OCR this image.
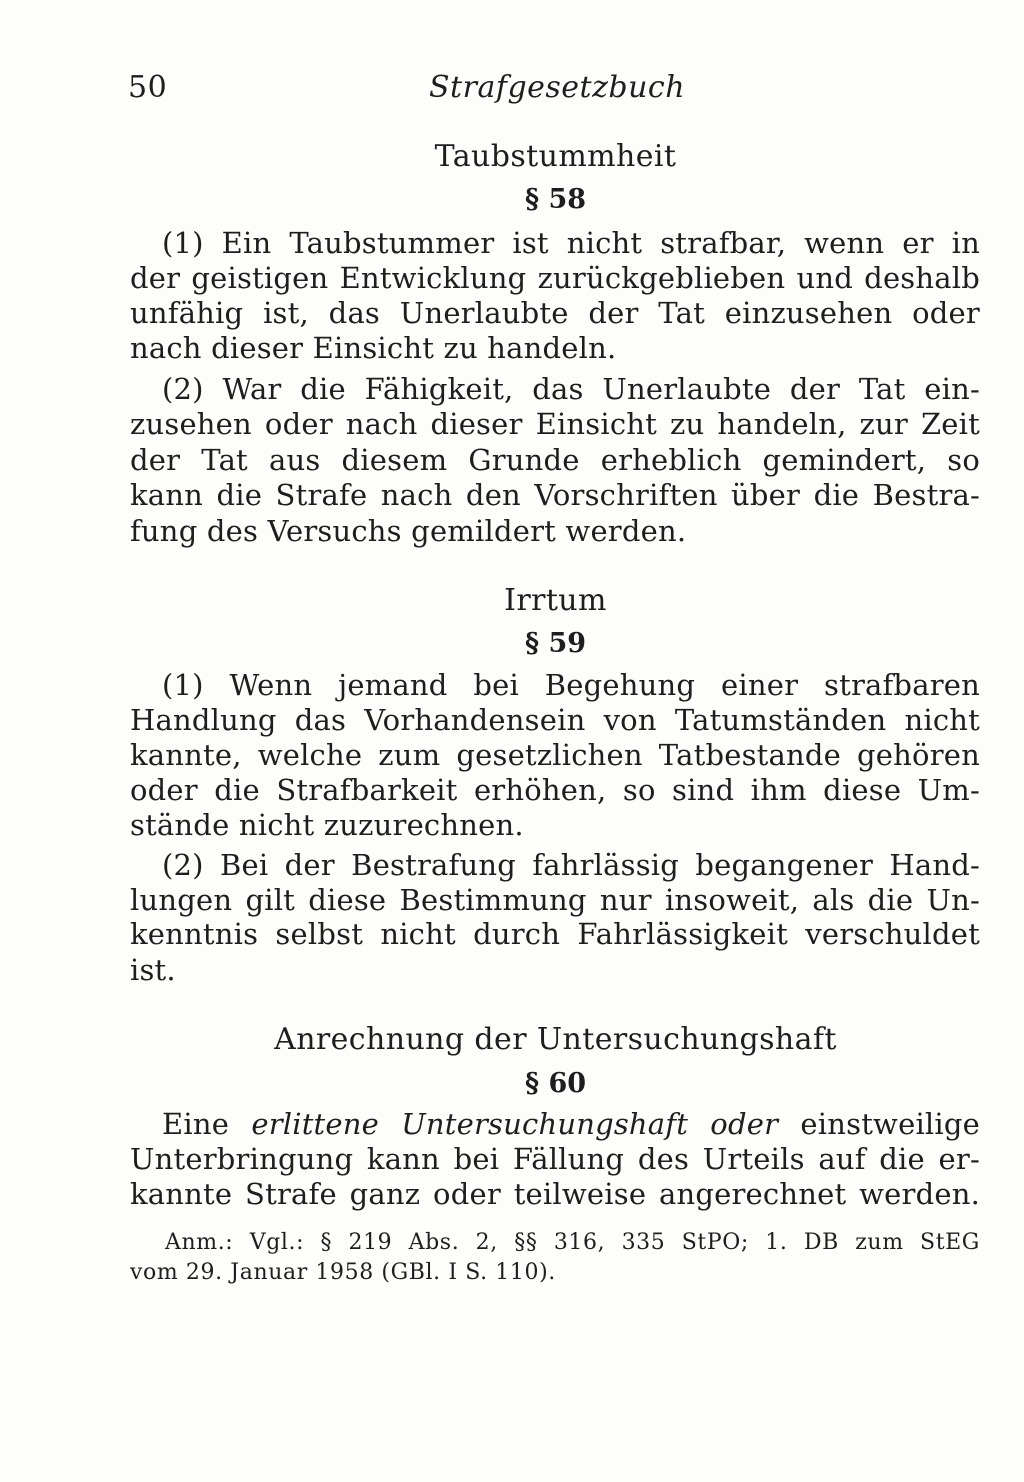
50	Strafgesetzbuch
Taubstummheit
§ 58
(1) Ein Taubstummer ist nicht strafbar, wenn er in
der geistigen Entwicklung zurückgeblieben und deshalb
unfähig ist, das Unerlaubte der Tat einzusehen oder
nach dieser Einsicht zu handeln.
(2) War die Fähigkeit, das Unerlaubte der Tat ein-
zusehen oder nach dieser Einsicht zu handeln, zur Zeit
der Tat aus diesem Grunde erheblich gemindert, so
kann die Strafe nach den Vorschriften über die Bestra-
fung des Versuchs gemildert werden.
Irrtum
§ 59
(1) Wenn jemand bei Begehung einer strafbaren
Handlung das Vorhandensein von Tatumständen nicht
kannte, welche zum gesetzlichen Tatbestande gehören
oder die Strafbarkeit erhöhen, so sind ihm diese Um-
stände nicht zuzurechnen.
(2) Bei der Bestrafung fahrlässig begangener Hand-
lungen gilt diese Bestimmung nur insoweit, als die Un-
kenntnis selbst nicht durch Fahrlässigkeit verschuldet
ist.
Anrechnung der Untersuchungshaft
§ 60
Eine erlittene Untersuchungshaft oder einstweilige
Unterbringung kann bei Fällung des Urteils auf die er-
kannte Strafe ganz oder teilweise angerechnet werden.
Anm.: Vgl.: § 219 Abs. 2, §§ 316, 335 StPO; 1. DB zum StEG
vom 29. Januar 1958 (GBl. I S. 110).
